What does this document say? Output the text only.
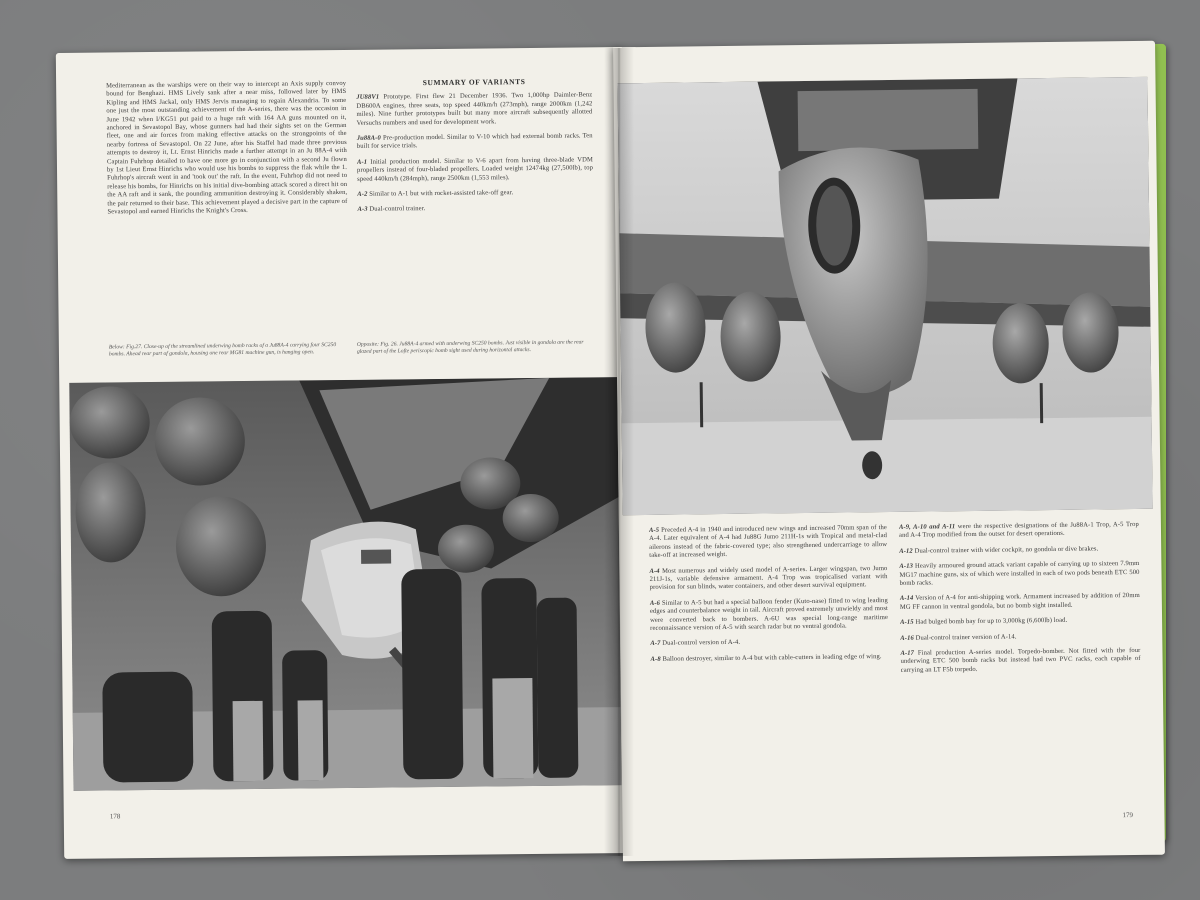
Mediterranean as the warships were on their way to intercept an Axis supply convoy bound for Benghazi. HMS Lively sank after a near miss, followed later by HMS Kipling and HMS Jackal, only HMS Jervis managing to regain Alexandria. To some one just the most outstanding achievement of the A-series, there was the occasion in June 1942 when I/KG51 put paid to a huge raft with 164 AA guns mounted on it, anchored in Sevastopol Bay, whose gunners had had their sights set on the German fleet, one and air forces from making effective attacks on the strongpoints of the nearby fortress of Sevastopol. On 22 June, after his Staffel had made three previous attempts to destroy it, Lt. Ernst Hinrichs made a further attempt in an Ju 88A-4 with Captain Fuhrhop detailed to have one more go in conjunction with a second Ju flown by 1st Lieut Ernst Hinrichs who would use his bombs to suppress the flak while the 1. Fuhrhop's aircraft went in and 'took out' the raft. In the event, Fuhrhop did not need to release his bombs, for Hinrichs on his initial dive-bombing attack scored a direct hit on the AA raft and it sank, the pounding ammunition destroying it. Considerably shaken, the pair returned to their base. This achievement played a decisive part in the capture of Sevastopol and earned Hinrichs the Knight's Cross.

SUMMARY OF VARIANTS

JU88V1 Prototype. First flew 21 December 1936. Two 1,000hp Daimler-Benz DB600A engines, three seats, top speed 440km/h (273mph), range 2000km (1,242 miles). Nine further prototypes built but many more aircraft subsequently allotted Versuchs numbers and used for development work.

Ju88A-0 Pre-production model. Similar to V-10 which had external bomb racks. Ten built for service trials.

A-1 Initial production model. Similar to V-6 apart from having three-blade VDM propellers instead of four-bladed propellers. Loaded weight 12474kg (27,500lb), top speed 440km/h (284mph), range 2500km (1,553 miles).

A-2 Similar to A-1 but with rocket-assisted take-off gear.

A-3 Dual-control trainer.

Below: Fig.27. Close-up of the streamlined underwing bomb racks of a Ju88A-4 carrying four SC250 bombs. Ahead rear part of gondola, housing one rear MG81 machine gun, is hanging open.
Opposite: Fig. 26. Ju88A-4 armed with underwing SC250 bombs. Just visible in gondola are the rear glazed part of the Lofte periscopic bomb sight used during horizontal attacks.
178

A-5 Preceded A-4 in 1940 and introduced new wings and increased 70mm span of the A-4. Later equivalent of A-4 had Ju88G Jumo 211H-1s with Tropical and metal-clad ailerons instead of the fabric-covered type; also strengthened undercarriage to allow take-off at increased weight.

A-4 Most numerous and widely used model of A-series. Larger wingspan, two Jumo 211J-1s, variable defensive armament. A-4 Trop was tropicalised variant with provision for sun blinds, water containers, and other desert survival equipment.

A-6 Similar to A-5 but had a special balloon fender (Kuto-nase) fitted to wing leading edges and counterbalance weight in tail. Aircraft proved extremely unwieldy and most were converted back to bombers. A-6U was special long-range maritime reconnaissance version of A-5 with search radar but no ventral gondola.

A-7 Dual-control version of A-4.

A-8 Balloon destroyer, similar to A-4 but with cable-cutters in leading edge of wing.

A-9, A-10 and A-11 were the respective designations of the Ju88A-1 Trop, A-5 Trop and A-4 Trop modified from the outset for desert operations.

A-12 Dual-control trainer with wider cockpit, no gondola or dive brakes.

A-13 Heavily armoured ground attack variant capable of carrying up to sixteen 7.9mm MG17 machine guns, six of which were installed in each of two pods beneath ETC 500 bomb racks.

A-14 Version of A-4 for anti-shipping work. Armament increased by addition of 20mm MG FF cannon in ventral gondola, but no bomb sight installed.

A-15 Had bulged bomb bay for up to 3,000kg (6,600lb) load.

A-16 Dual-control trainer version of A-14.

A-17 Final production A-series model. Torpedo-bomber. Not fitted with the four underwing ETC 500 bomb racks but instead had two PVC racks, each capable of carrying an LT F5b torpedo.

179
